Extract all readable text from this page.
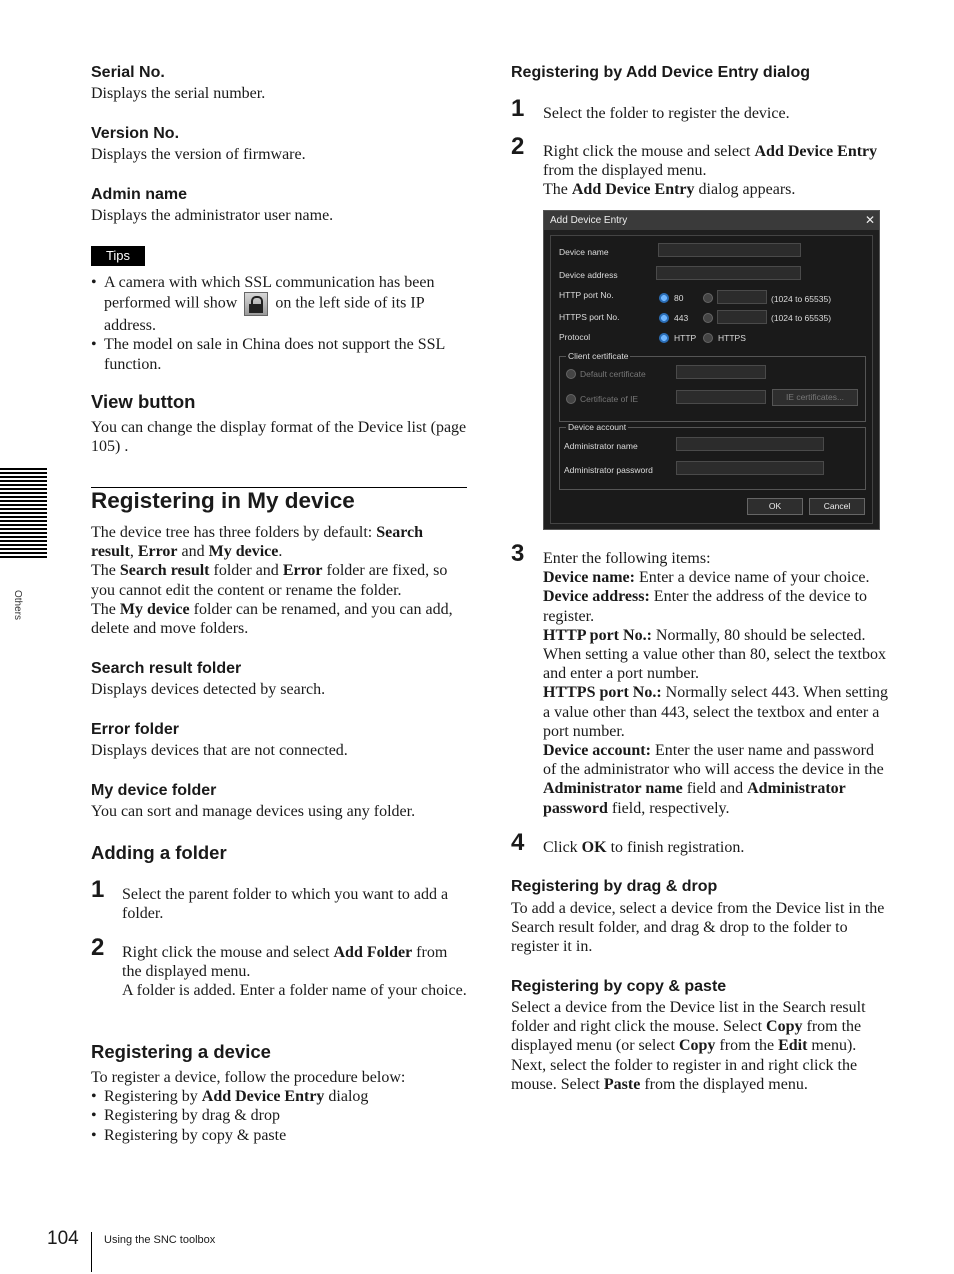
Others
Serial No.
Displays the serial number.
Version No.
Displays the version of firmware.
Admin name
Displays the administrator user name.
Tips
• A camera with which SSL communication has been performed will show on the left side of its IP address.
• The model on sale in China does not support the SSL function.
View button
You can change the display format of the Device list (page 105) .
Registering in My device
The device tree has three folders by default: Search result, Error and My device.
The Search result folder and Error folder are fixed, so you cannot edit the content or rename the folder.
The My device folder can be renamed, and you can add, delete and move folders.
Search result folder
Displays devices detected by search.
Error folder
Displays devices that are not connected.
My device folder
You can sort and manage devices using any folder.
Adding a folder
1 Select the parent folder to which you want to add a folder.
2 Right click the mouse and select Add Folder from the displayed menu.
A folder is added. Enter a folder name of your choice.
Registering a device
To register a device, follow the procedure below:
• Registering by Add Device Entry dialog
• Registering by drag & drop
• Registering by copy & paste
Registering by Add Device Entry dialog
1 Select the folder to register the device.
2 Right click the mouse and select Add Device Entry from the displayed menu.
The Add Device Entry dialog appears.
Add Device Entry	✕
Device name
Device address
HTTP port No.	80	(1024 to 65535)
HTTPS port No.	443	(1024 to 65535)
Protocol	HTTP	HTTPS
Client certificate
Default certificate
Certificate of IE	IE certificates...
Device account
Administrator name
Administrator password
OK	Cancel
3 Enter the following items:
Device name: Enter a device name of your choice.
Device address: Enter the address of the device to register.
HTTP port No.: Normally, 80 should be selected. When setting a value other than 80, select the textbox and enter a port number.
HTTPS port No.: Normally select 443. When setting a value other than 443, select the textbox and enter a port number.
Device account: Enter the user name and password of the administrator who will access the device in the Administrator name field and Administrator password field, respectively.
4 Click OK to finish registration.
Registering by drag & drop
To add a device, select a device from the Device list in the Search result folder, and drag & drop to the folder to register it in.
Registering by copy & paste
Select a device from the Device list in the Search result folder and right click the mouse. Select Copy from the displayed menu (or select Copy from the Edit menu). Next, select the folder to register in and right click the mouse. Select Paste from the displayed menu.
104 Using the SNC toolbox
